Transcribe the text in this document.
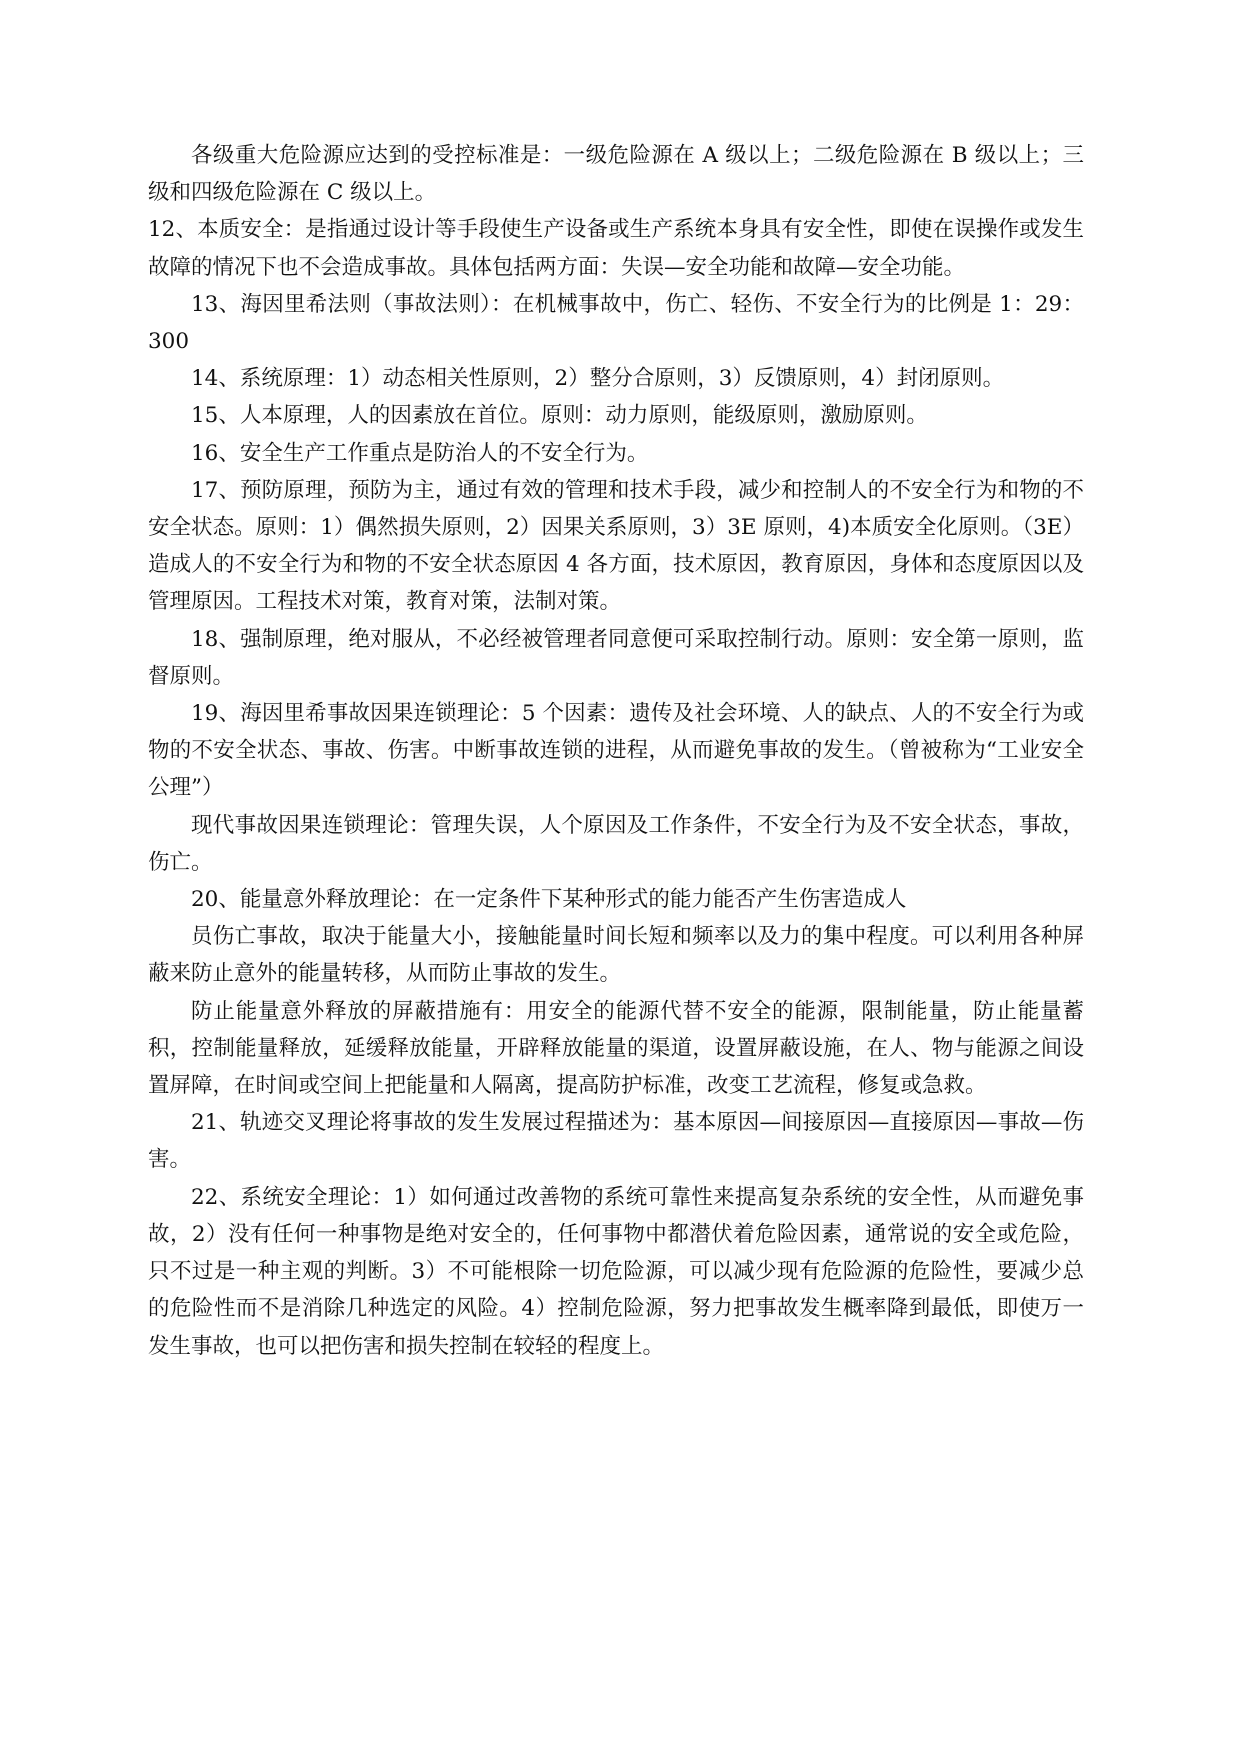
各级重大危险源应达到的受控标准是：一级危险源在 A 级以上；二级危险源在 B 级以上；三级和四级危险源在 C 级以上。

12、本质安全：是指通过设计等手段使生产设备或生产系统本身具有安全性，即使在误操作或发生故障的情况下也不会造成事故。具体包括两方面：失误—安全功能和故障—安全功能。

13、海因里希法则（事故法则）：在机械事故中，伤亡、轻伤、不安全行为的比例是 1：29：300

14、系统原理：1）动态相关性原则，2）整分合原则，3）反馈原则，4）封闭原则。

15、人本原理，人的因素放在首位。原则：动力原则，能级原则，激励原则。

16、安全生产工作重点是防治人的不安全行为。

17、预防原理，预防为主，通过有效的管理和技术手段，减少和控制人的不安全行为和物的不安全状态。原则：1）偶然损失原则，2）因果关系原则，3）3E 原则，4)本质安全化原则。（3E）造成人的不安全行为和物的不安全状态原因 4 各方面，技术原因，教育原因，身体和态度原因以及管理原因。工程技术对策，教育对策，法制对策。

18、强制原理，绝对服从，不必经被管理者同意便可采取控制行动。原则：安全第一原则，监督原则。

19、海因里希事故因果连锁理论：5 个因素：遗传及社会环境、人的缺点、人的不安全行为或物的不安全状态、事故、伤害。中断事故连锁的进程，从而避免事故的发生。（曾被称为“工业安全公理”）

现代事故因果连锁理论：管理失误，人个原因及工作条件，不安全行为及不安全状态，事故，伤亡。

20、能量意外释放理论：在一定条件下某种形式的能力能否产生伤害造成人

员伤亡事故，取决于能量大小，接触能量时间长短和频率以及力的集中程度。可以利用各种屏蔽来防止意外的能量转移，从而防止事故的发生。

防止能量意外释放的屏蔽措施有：用安全的能源代替不安全的能源，限制能量，防止能量蓄积，控制能量释放，延缓释放能量，开辟释放能量的渠道，设置屏蔽设施，在人、物与能源之间设置屏障，在时间或空间上把能量和人隔离，提高防护标准，改变工艺流程，修复或急救。

21、轨迹交叉理论将事故的发生发展过程描述为：基本原因—间接原因—直接原因—事故—伤害。

22、系统安全理论：1）如何通过改善物的系统可靠性来提高复杂系统的安全性，从而避免事故，2）没有任何一种事物是绝对安全的，任何事物中都潜伏着危险因素，通常说的安全或危险，只不过是一种主观的判断。3）不可能根除一切危险源，可以减少现有危险源的危险性，要减少总的危险性而不是消除几种选定的风险。4）控制危险源，努力把事故发生概率降到最低，即使万一发生事故，也可以把伤害和损失控制在较轻的程度上。
